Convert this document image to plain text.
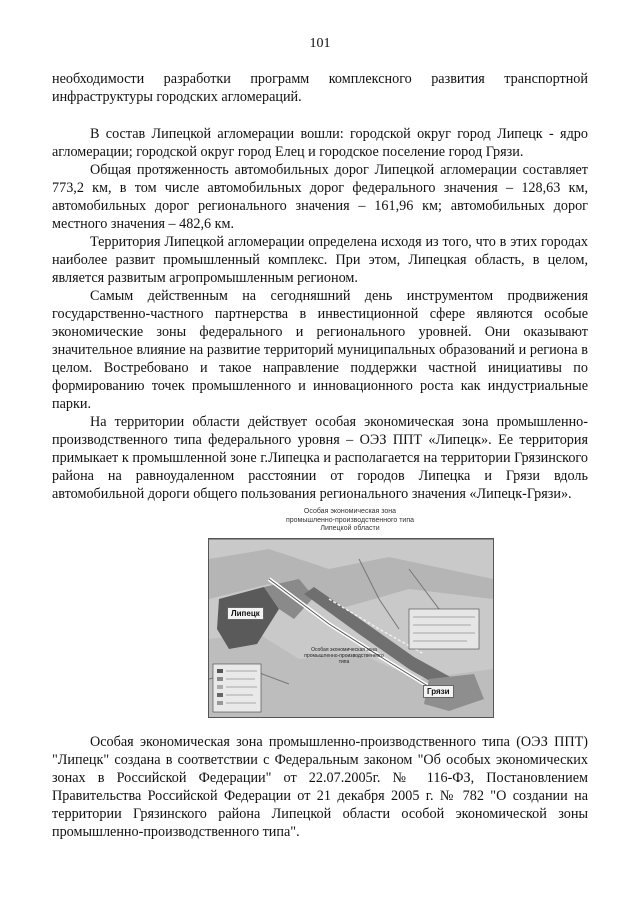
101

необходимости разработки программ комплексного развития транспортной инфраструктуры городских агломераций.

В состав Липецкой агломерации вошли: городской округ город Липецк - ядро агломерации; городской округ город Елец и городское поселение город Грязи.

Общая протяженность автомобильных дорог Липецкой агломерации составляет 773,2 км, в том числе автомобильных дорог федерального значения – 128,63 км, автомобильных дорог регионального значения – 161,96 км; автомобильных дорог местного значения – 482,6 км.

Территория Липецкой агломерации определена исходя из того, что в этих городах наиболее развит промышленный комплекс. При этом, Липецкая область, в целом, является развитым агропромышленным регионом.

Самым действенным на сегодняшний день инструментом продвижения государственно-частного партнерства в инвестиционной сфере являются особые экономические зоны федерального и регионального уровней. Они оказывают значительное влияние на развитие территорий муниципальных образований и региона в целом. Востребовано и такое направление поддержки частной инициативы по формированию точек промышленного и инновационного роста как индустриальные парки.

На территории области действует особая экономическая зона промышленно-производственного типа федерального уровня – ОЭЗ ППТ «Липецк». Ее территория примыкает к промышленной зоне г.Липецка и располагается на территории Грязинского района на равноудаленном расстоянии от городов Липецка и Грязи вдоль автомобильной дороги общего пользования регионального значения «Липецк-Грязи».

Особая экономическая зона
промышленно-производственного типа
Липецкой области
Липецк
Грязи
Особая экономическая зона промышленно-производственного типа

Особая экономическая зона промышленно-производственного типа (ОЭЗ ППТ) "Липецк" создана в соответствии с Федеральным законом "Об особых экономических зонах в Российской Федерации" от 22.07.2005г. № 116-ФЗ, Постановлением Правительства Российской Федерации от 21 декабря 2005 г. № 782 "О создании на территории Грязинского района Липецкой области особой экономической зоны промышленно-производственного типа".
